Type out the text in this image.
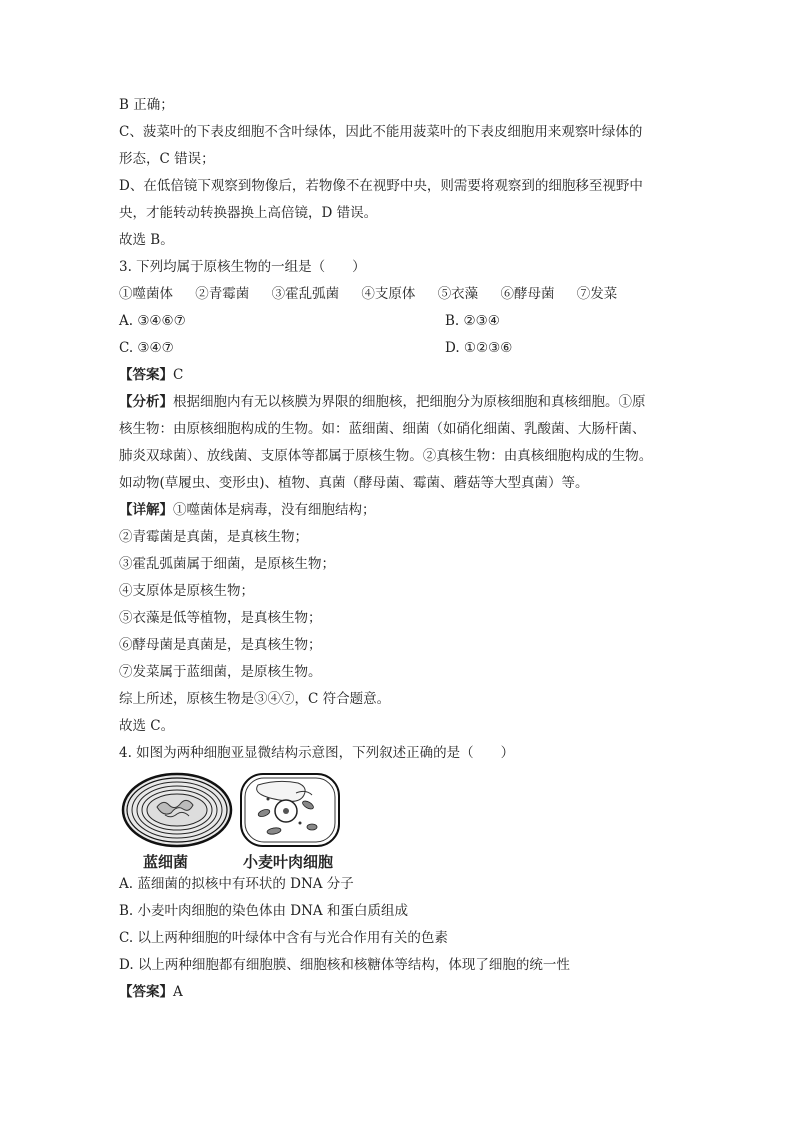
B 正确；
C、菠菜叶的下表皮细胞不含叶绿体，因此不能用菠菜叶的下表皮细胞用来观察叶绿体的
形态，C 错误；
D、在低倍镜下观察到物像后，若物像不在视野中央，则需要将观察到的细胞移至视野中
央，才能转动转换器换上高倍镜，D 错误。
故选 B。
3. 下列均属于原核生物的一组是（　　）
①噬菌体 ②青霉菌 ③霍乱弧菌 ④支原体 ⑤衣藻 ⑥酵母菌 ⑦发菜
A. ③④⑥⑦	B. ②③④
C. ③④⑦	D. ①②③⑥
【答案】C
【分析】根据细胞内有无以核膜为界限的细胞核，把细胞分为原核细胞和真核细胞。①原
核生物：由原核细胞构成的生物。如：蓝细菌、细菌（如硝化细菌、乳酸菌、大肠杆菌、
肺炎双球菌）、放线菌、支原体等都属于原核生物。②真核生物：由真核细胞构成的生物。
如动物(草履虫、变形虫)、植物、真菌（酵母菌、霉菌、蘑菇等大型真菌）等。
【详解】①噬菌体是病毒，没有细胞结构；
②青霉菌是真菌，是真核生物；
③霍乱弧菌属于细菌，是原核生物；
④支原体是原核生物；
⑤衣藻是低等植物，是真核生物；
⑥酵母菌是真菌是，是真核生物；
⑦发菜属于蓝细菌，是原核生物。
综上所述，原核生物是③④⑦，C 符合题意。
故选 C。
4. 如图为两种细胞亚显微结构示意图，下列叙述正确的是（　　）
蓝细菌	小麦叶肉细胞
A. 蓝细菌的拟核中有环状的 DNA 分子
B. 小麦叶肉细胞的染色体由 DNA 和蛋白质组成
C. 以上两种细胞的叶绿体中含有与光合作用有关的色素
D. 以上两种细胞都有细胞膜、细胞核和核糖体等结构，体现了细胞的统一性
【答案】A
